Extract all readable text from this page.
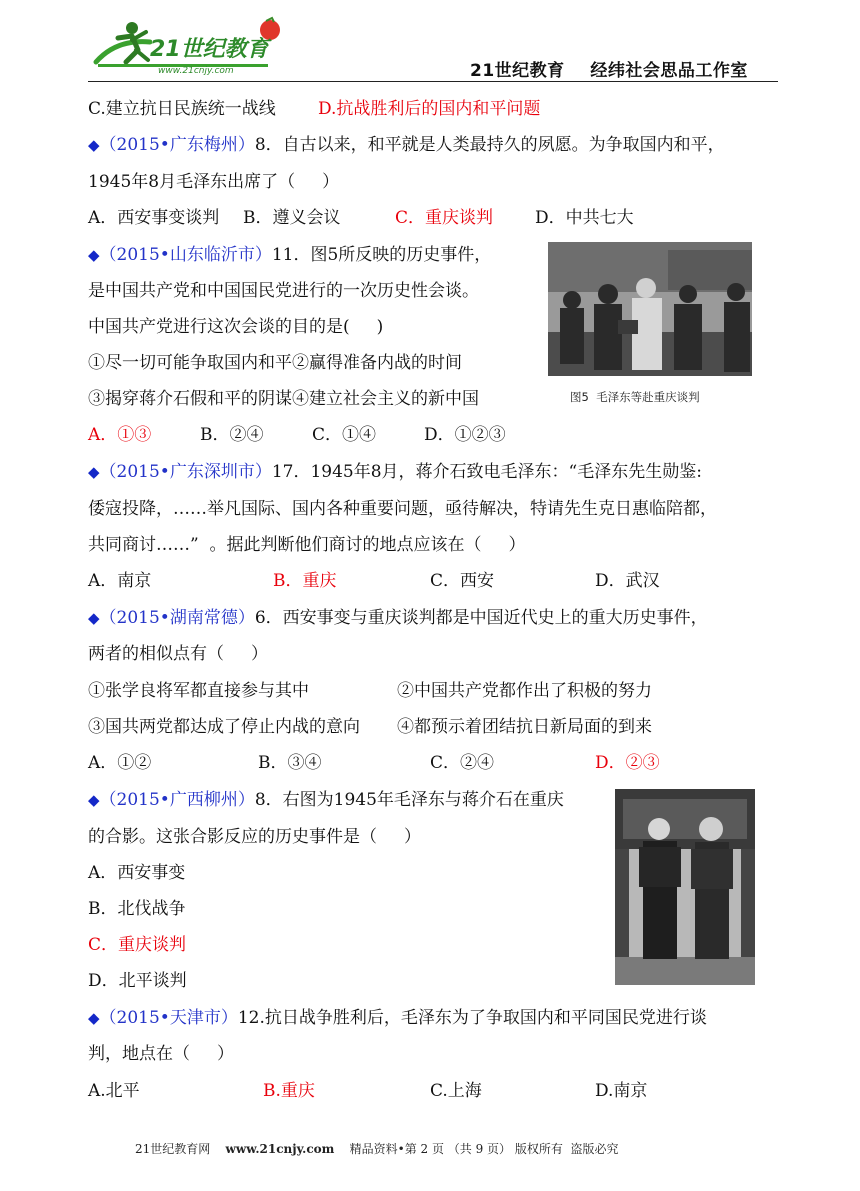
21世纪教育
www.21cnjy.com	21世纪教育    经纬社会思品工作室
C.建立抗日民族统一战线 D.抗战胜利后的国内和平问题
◆（2015•广东梅州）8．自古以来，和平就是人类最持久的夙愿。为争取国内和平，
1945年8月毛泽东出席了（     ）
A．西安事变谈判 B．遵义会议	C．重庆谈判 D．中共七大
◆（2015•山东临沂市）11．图5所反映的历史事件，
是中国共产党和中国国民党进行的一次历史性会谈。
中国共产党进行这次会谈的目的是(     )
①尽一切可能争取国内和平②赢得准备内战的时间
③揭穿蒋介石假和平的阴谋④建立社会主义的新中国
A．①③	B．②④	C．①④	D．①②③
图5  毛泽东等赴重庆谈判
◆（2015•广东深圳市）17．1945年8月，蒋介石致电毛泽东：“毛泽东先生勋鉴:
倭寇投降，……举凡国际、国内各种重要问题，亟待解决，特请先生克日惠临陪都，
共同商讨……”  。据此判断他们商讨的地点应该在（     ）
A．南京	B．重庆	C．西安	D．武汉
◆（2015•湖南常德）6．西安事变与重庆谈判都是中国近代史上的重大历史事件，
两者的相似点有（     ）
①张学良将军都直接参与其中	②中国共产党都作出了积极的努力
③国共两党都达成了停止内战的意向 ④都预示着团结抗日新局面的到来
A．①②	B．③④	C．②④	D．②③
◆（2015•广西柳州）8．右图为1945年毛泽东与蒋介石在重庆
的合影。这张合影反应的历史事件是（     ）
A．西安事变
B．北伐战争
C．重庆谈判
D．北平谈判
◆（2015•天津市）12.抗日战争胜利后，毛泽东为了争取国内和平同国民党进行谈
判，地点在（     ）
A.北平	B.重庆	C.上海	D.南京
21世纪教育网 www.21cnjy.com 精品资料•第 2 页 （共 9 页） 版权所有  盗版必究
